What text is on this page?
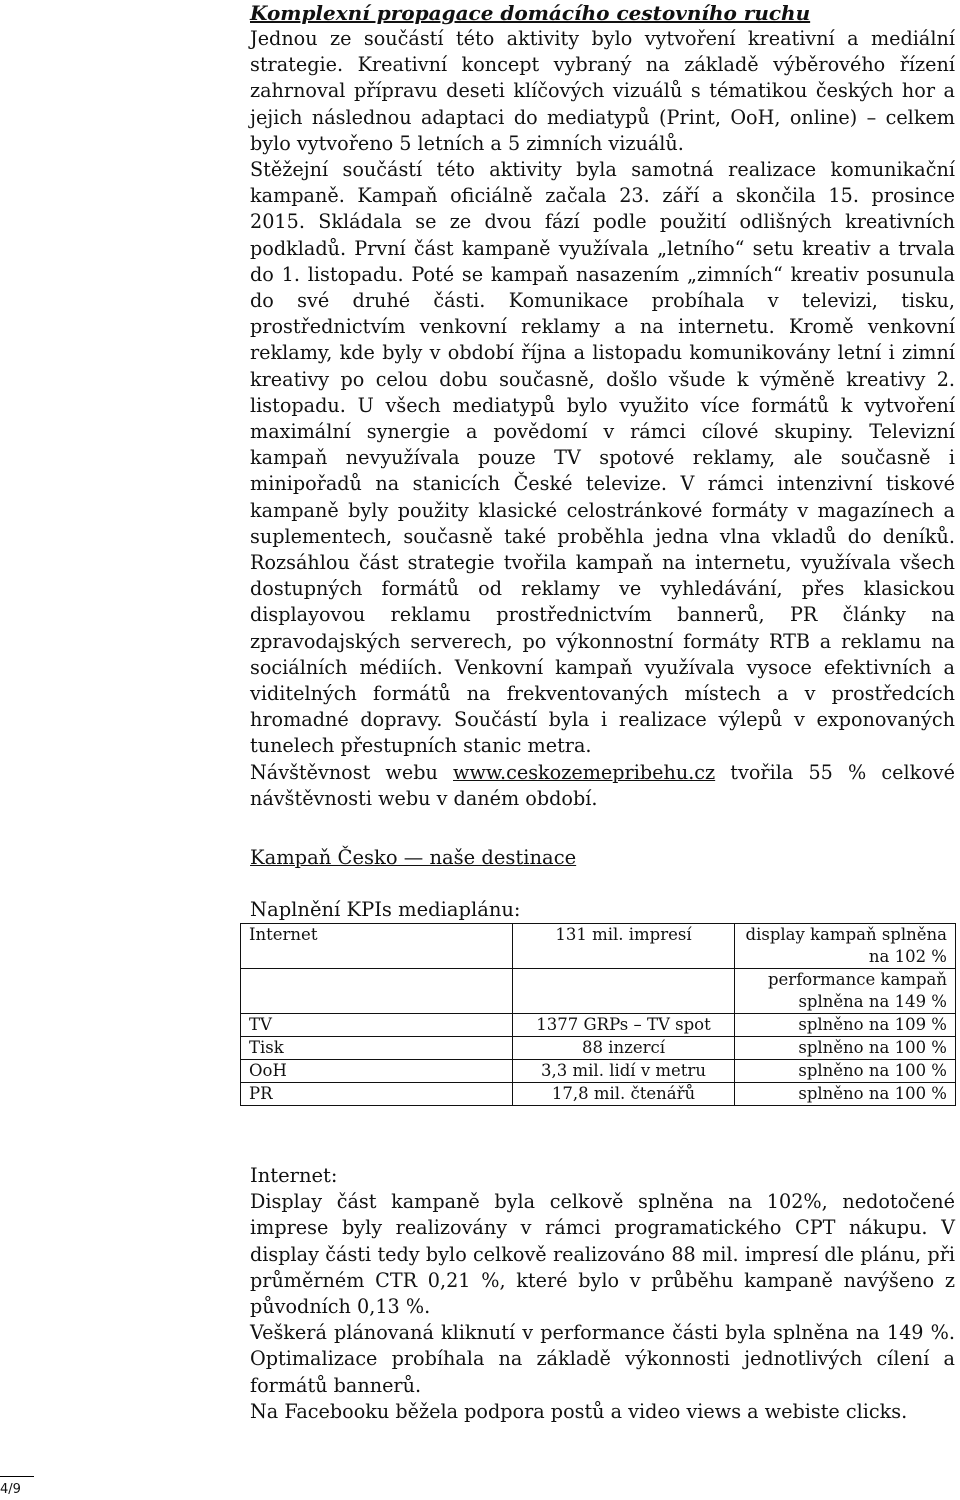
Komplexní propagace domácího cestovního ruchu

Jednou ze součástí této aktivity bylo vytvoření kreativní a mediální strategie. Kreativní koncept vybraný na základě výběrového řízení zahrnoval přípravu deseti klíčových vizuálů s tématikou českých hor a jejich následnou adaptaci do mediatypů (Print, OoH, online) – celkem bylo vytvořeno 5 letních a 5 zimních vizuálů.

Stěžejní součástí této aktivity byla samotná realizace komunikační kampaně. Kampaň oficiálně začala 23. září a skončila 15. prosince 2015. Skládala se ze dvou fází podle použití odlišných kreativních podkladů. První část kampaně využívala „letního“ setu kreativ a trvala do 1. listopadu. Poté se kampaň nasazením „zimních“ kreativ posunula do své druhé části. Komunikace probíhala v televizi, tisku, prostřednictvím venkovní reklamy a na internetu. Kromě venkovní reklamy, kde byly v období října a listopadu komunikovány letní i zimní kreativy po celou dobu současně, došlo všude k výměně kreativy 2. listopadu. U všech mediatypů bylo využito více formátů k vytvoření maximální synergie a povědomí v rámci cílové skupiny. Televizní kampaň nevyužívala pouze TV spotové reklamy, ale současně i minipořadů na stanicích České televize. V rámci intenzivní tiskové kampaně byly použity klasické celostránkové formáty v magazínech a suplementech, současně také proběhla jedna vlna vkladů do deníků. Rozsáhlou část strategie tvořila kampaň na internetu, využívala všech dostupných formátů od reklamy ve vyhledávání, přes klasickou displayovou reklamu prostřednictvím bannerů, PR články na zpravodajských serverech, po výkonnostní formáty RTB a reklamu na sociálních médiích. Venkovní kampaň využívala vysoce efektivních a viditelných formátů na frekventovaných místech a v prostředcích hromadné dopravy. Součástí byla i realizace výlepů v exponovaných tunelech přestupních stanic metra.

Návštěvnost webu www.ceskozemepribehu.cz tvořila 55 % celkové návštěvnosti webu v daném období.

Kampaň Česko — naše destinace
Naplnění KPIs mediaplánu:
Internet	131 mil. impresí	display kampaň splněna na 102 %
		performance kampaň splněna na 149 %
TV	1377 GRPs – TV spot	splněno na 109 %
Tisk	88 inzercí	splněno na 100 %
OoH	3,3 mil. lidí v metru	splněno na 100 %
PR	17,8 mil. čtenářů	splněno na 100 %
Internet:

Display část kampaně byla celkově splněna na 102%, nedotočené imprese byly realizovány v rámci programatického CPT nákupu. V display části tedy bylo celkově realizováno 88 mil. impresí dle plánu, při průměrném CTR 0,21 %, které bylo v průběhu kampaně navýšeno z původních 0,13 %.

Veškerá plánovaná kliknutí v performance části byla splněna na 149 %. Optimalizace probíhala na základě výkonnosti jednotlivých cílení a formátů bannerů.

Na Facebooku běžela podpora postů a video views a webiste clicks.

4/9
